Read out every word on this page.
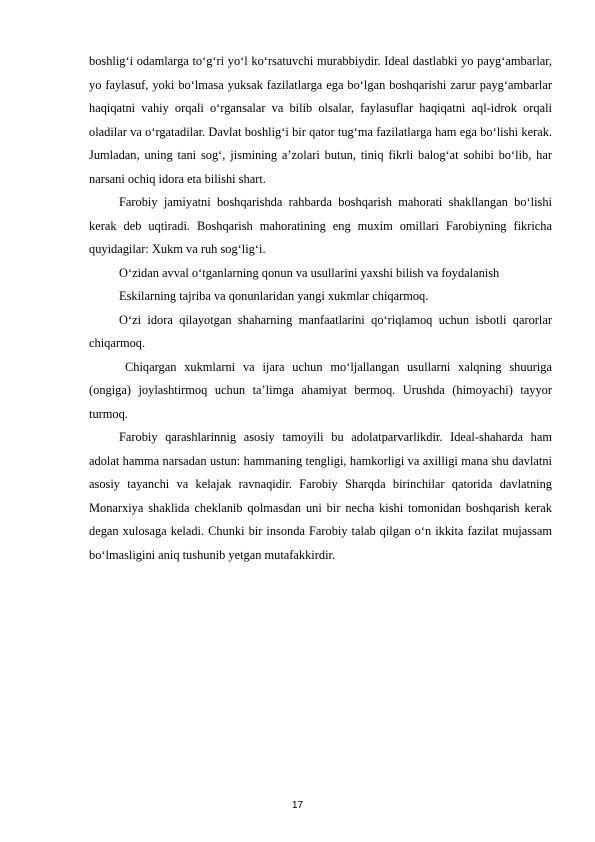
boshlig‘i odamlarga to‘g‘ri yo‘l ko‘rsatuvchi murabbiydir. Ideal dastlabki yo payg‘ambarlar, yo faylasuf, yoki bo‘lmasa yuksak fazilatlarga ega bo‘lgan boshqarishi zarur payg‘ambarlar haqiqatni vahiy orqali o‘rgansalar va bilib olsalar, faylasuflar haqiqatni aql-idrok orqali oladilar va o‘rgatadilar. Davlat boshlig‘i bir qator tug‘ma fazilatlarga ham ega bo‘lishi kerak. Jumladan, uning tani sog‘, jismining a’zolari butun, tiniq fikrli balog‘at sohibi bo‘lib, har narsani ochiq idora eta bilishi shart.

Farobiy jamiyatni boshqarishda rahbarda boshqarish mahorati shakllangan bo‘lishi kerak deb uqtiradi. Boshqarish mahoratining eng muxim omillari Farobiyning fikricha quyidagilar: Xukm va ruh sog‘lig‘i.

O‘zidan avval o‘tganlarning qonun va usullarini yaxshi bilish va foydalanish

Eskilarning tajriba va qonunlaridan yangi xukmlar chiqarmoq.

O‘zi idora qilayotgan shaharning manfaatlarini qo‘riqlamoq uchun isbotli qarorlar chiqarmoq.

Chiqargan xukmlarni va ijara uchun mo‘ljallangan usullarni xalqning shuuriga (ongiga) joylashtirmoq uchun ta’limga ahamiyat bermoq. Urushda (himoyachi) tayyor turmoq.

Farobiy qarashlarinnig asosiy tamoyili bu adolatparvarlikdir. Ideal-shaharda ham adolat hamma narsadan ustun: hammaning tengligi, hamkorligi va axilligi mana shu davlatni asosiy tayanchi va kelajak ravnaqidir. Farobiy Sharqda birinchilar qatorida davlatning Monarxiya shaklida cheklanib qolmasdan uni bir necha kishi tomonidan boshqarish kerak degan xulosaga keladi. Chunki bir insonda Farobiy talab qilgan o‘n ikkita fazilat mujassam bo‘lmasligini aniq tushunib yetgan mutafakkirdir.

17
